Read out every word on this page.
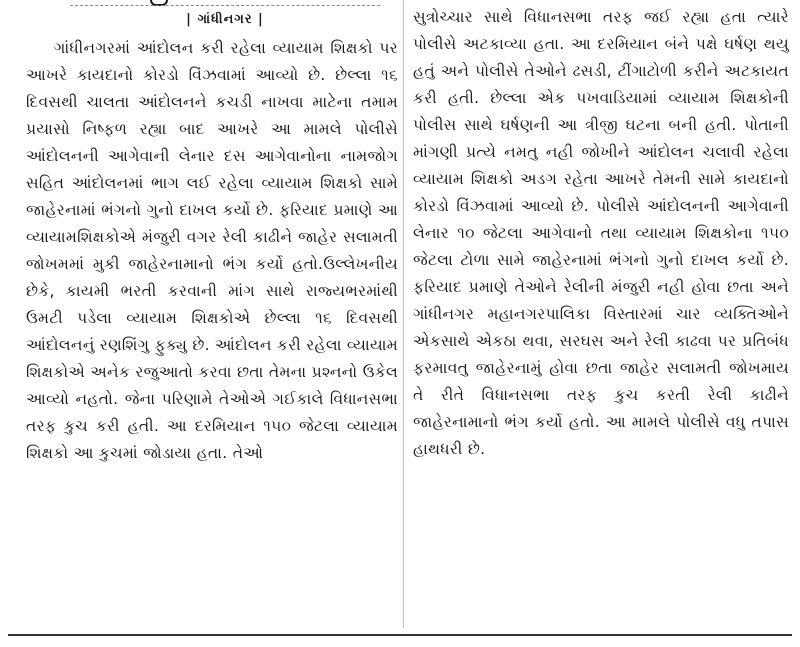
| ગાંધીનગર |

ગાંધીનગરમાં આંદોલન કરી રહેલા વ્યાયામ શિક્ષકો પર આખરે કાયદાનો કોરડો વિંઝવામાં આવ્યો છે. છેલ્લા ૧૬ દિવસથી ચાલતા આંદોલનને કચડી નાખવા માટેના તમામ પ્રયાસો નિષ્ફળ રહ્યા બાદ આખરે આ મામલે પોલીસે આંદોલનની આગેવાની લેનાર દસ આગેવાનોના નામજોગ સહિત આંદોલનમાં ભાગ લઈ રહેલા વ્યાયામ શિક્ષકો સામે જાહેરનામાં ભંગનો ગુનો દાખલ કર્યો છે. ફરિયાદ પ્રમાણે આ વ્યાયામશિક્ષકોએ મંજુરી વગર રેલી કાઢીને જાહેર સલામતી જોખમમાં મુકી જાહેરનામાનો ભંગ કર્યો હતો.ઉલ્લેખનીય છેકે, કાયમી ભરતી કરવાની માંગ સાથે રાજ્યભરમાંથી ઉમટી પડેલા વ્યાયામ શિક્ષકોએ છેલ્લા ૧૬ દિવસથી આંદોલનનું રણશિંગુ ફુક્યુ છે. આંદોલન કરી રહેલા વ્યાયામ શિક્ષકોએ અનેક રજુઆતો કરવા છતા તેમના પ્રશ્નનો ઉકેલ આવ્યો નહતો. જેના પરિણામે તેઓએ ગઈકાલે વિધાનસભા તરફ કુચ કરી હતી. આ દરમિયાન ૧૫૦ જેટલા વ્યાયામ શિક્ષકો આ કુચમાં જોડાયા હતા. તેઓ

સુત્રોચ્ચાર સાથે વિધાનસભા તરફ જઈ રહ્યા હતા ત્યારે પોલીસે અટકાવ્યા હતા. આ દરમિયાન બંને પક્ષે ઘર્ષણ થયુ હતું અને પોલીસે તેઓને ઢસડી, ટીંગાટોળી કરીને અટકાયત કરી હતી. છેલ્લા એક પખવાડિયામાં વ્યાયામ શિક્ષકોની પોલીસ સાથે ઘર્ષણની આ ત્રીજી ઘટના બની હતી. પોતાની માંગણી પ્રત્યે નમતુ નહી જોખીને આંદોલન ચલાવી રહેલા વ્યાયામ શિક્ષકો અડગ રહેતા આખરે તેમની સામે કાયદાનો કોરડો વિંઝવામાં આવ્યો છે. પોલીસે આંદોલનની આગેવાની લેનાર ૧૦ જેટલા આગેવાનો તથા વ્યાયામ શિક્ષકોના ૧૫૦ જેટલા ટોળા સામે જાહેરનામાં ભંગનો ગુનો દાખલ કર્યો છે. ફરિયાદ પ્રમાણે તેઓને રેલીની મંજુરી નહી હોવા છતા અને ગાંધીનગર મહાનગરપાલિકા વિસ્તારમાં ચાર વ્યક્તિઓને એકસાથે એકઠા થવા, સરઘસ અને રેલી કાઢવા પર પ્રતિબંધ ફરમાવતુ જાહેરનામું હોવા છતા જાહેર સલામતી જોખમાય તે રીતે વિધાનસભા તરફ કુચ કરતી રેલી કાઢીને જાહેરનામાનો ભંગ કર્યો હતો. આ મામલે પોલીસે વધુ તપાસ હાથધરી છે.
